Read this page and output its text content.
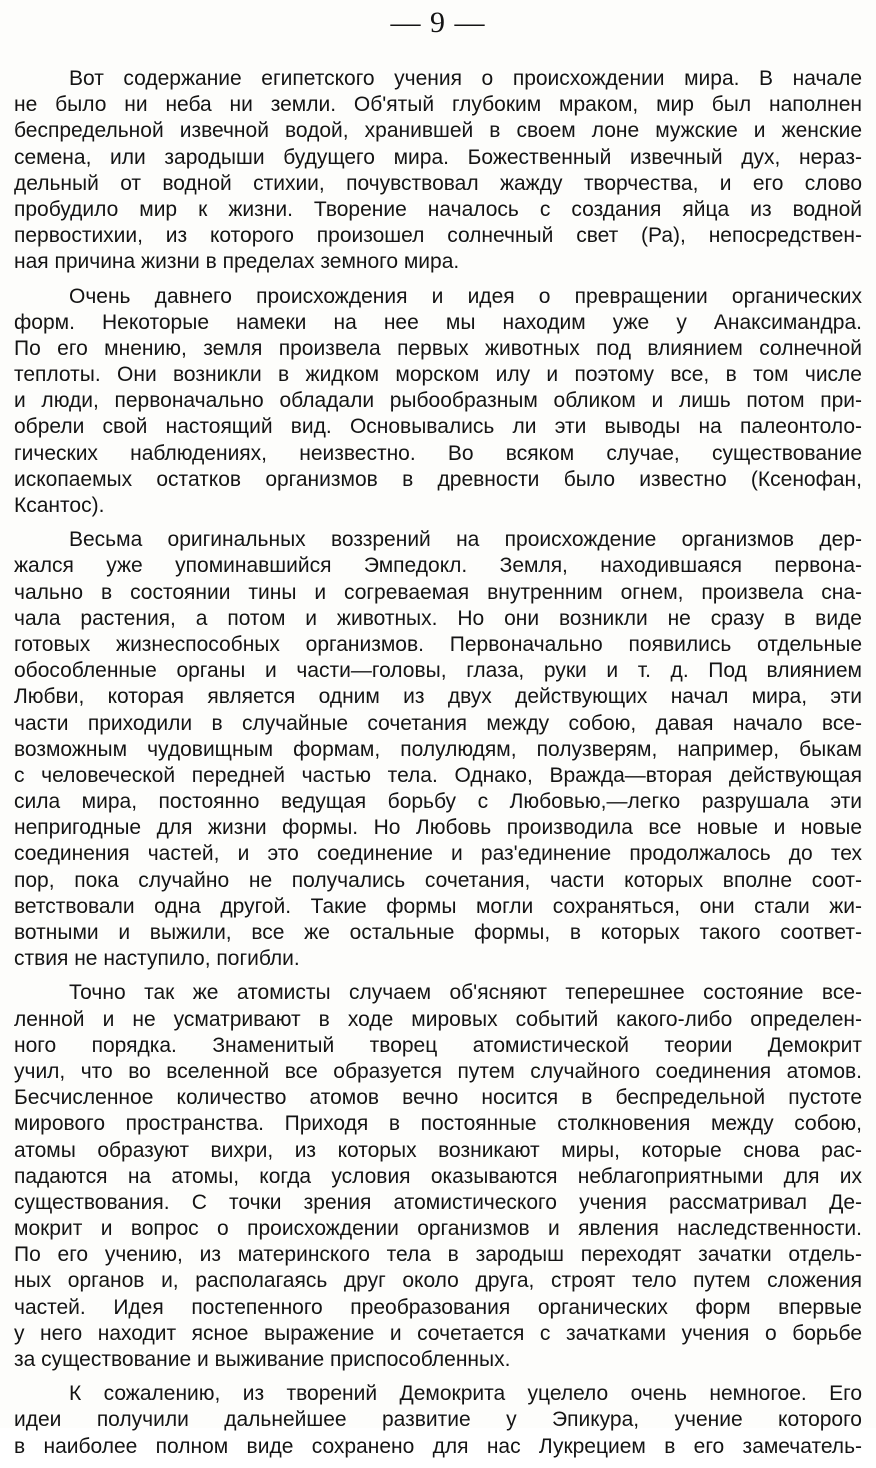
— 9 —
Вот содержание египетского учения о происхождении мира. В начале
не было ни неба ни земли. Об'ятый глубоким мраком, мир был наполнен
беспредельной извечной водой, хранившей в своем лоне мужские и женские
семена, или зародыши будущего мира. Божественный извечный дух, нераз-
дельный от водной стихии, почувствовал жажду творчества, и его слово
пробудило мир к жизни. Творение началось с создания яйца из водной
первостихии, из которого произошел солнечный свет (Ра), непосредствен-
ная причина жизни в пределах земного мира.
Очень давнего происхождения и идея о превращении органических
форм. Некоторые намеки на нее мы находим уже у Анаксимандра.
По его мнению, земля произвела первых животных под влиянием солнечной
теплоты. Они возникли в жидком морском илу и поэтому все, в том числе
и люди, первоначально обладали рыбообразным обликом и лишь потом при-
обрели свой настоящий вид. Основывались ли эти выводы на палеонтоло-
гических наблюдениях, неизвестно. Во всяком случае, существование
ископаемых остатков организмов в древности было известно (Ксенофан,
Ксантос).
Весьма оригинальных воззрений на происхождение организмов дер-
жался уже упоминавшийся Эмпедокл. Земля, находившаяся первона-
чально в состоянии тины и согреваемая внутренним огнем, произвела сна-
чала растения, а потом и животных. Но они возникли не сразу в виде
готовых жизнеспособных организмов. Первоначально появились отдельные
обособленные органы и части—головы, глаза, руки и т. д. Под влиянием
Любви, которая является одним из двух действующих начал мира, эти
части приходили в случайные сочетания между собою, давая начало все-
возможным чудовищным формам, полулюдям, полузверям, например, быкам
с человеческой передней частью тела. Однако, Вражда—вторая действующая
сила мира, постоянно ведущая борьбу с Любовью,—легко разрушала эти
непригодные для жизни формы. Но Любовь производила все новые и новые
соединения частей, и это соединение и раз'единение продолжалось до тех
пор, пока случайно не получались сочетания, части которых вполне соот-
ветствовали одна другой. Такие формы могли сохраняться, они стали жи-
вотными и выжили, все же остальные формы, в которых такого соответ-
ствия не наступило, погибли.
Точно так же атомисты случаем об'ясняют теперешнее состояние все-
ленной и не усматривают в ходе мировых событий какого-либо определен-
ного порядка. Знаменитый творец атомистической теории Демокрит
учил, что во вселенной все образуется путем случайного соединения атомов.
Бесчисленное количество атомов вечно носится в беспредельной пустоте
мирового пространства. Приходя в постоянные столкновения между собою,
атомы образуют вихри, из которых возникают миры, которые снова рас-
падаются на атомы, когда условия оказываются неблагоприятными для их
существования. С точки зрения атомистического учения рассматривал Де-
мокрит и вопрос о происхождении организмов и явления наследственности.
По его учению, из материнского тела в зародыш переходят зачатки отдель-
ных органов и, располагаясь друг около друга, строят тело путем сложения
частей. Идея постепенного преобразования органических форм впервые
у него находит ясное выражение и сочетается с зачатками учения о борьбе
за существование и выживание приспособленных.
К сожалению, из творений Демокрита уцелело очень немногое. Его
идеи получили дальнейшее развитие у Эпикура, учение которого
в наиболее полном виде сохранено для нас Лукрецием в его замечатель-
